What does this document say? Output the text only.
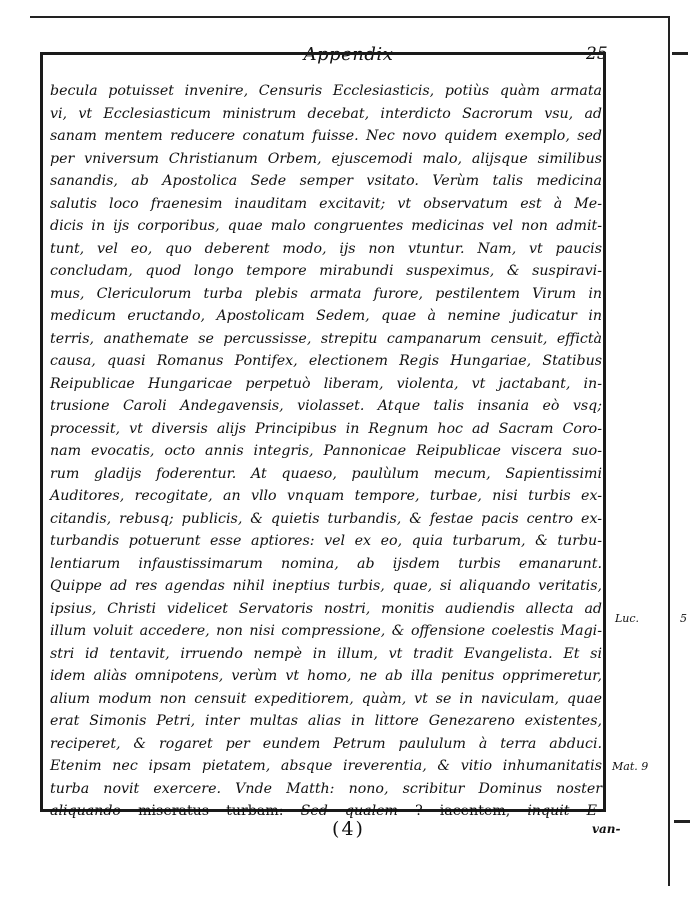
Appendix	25
becula potuisset invenire, Censuris Ecclesiasticis, potiùs quàm armata
vi, vt Ecclesiasticum ministrum decebat, interdicto Sacrorum vsu, ad
sanam mentem reducere conatum fuisse. Nec novo quidem exemplo, sed
per vniversum Christianum Orbem, ejuscemodi malo, alijsque similibus
sanandis, ab Apostolica Sede semper vsitato. Verùm talis medicina
salutis loco fraenesim inauditam excitavit; vt observatum est à Me-
dicis in ijs corporibus, quae malo congruentes medicinas vel non admit-
tunt, vel eo, quo deberent modo, ijs non vtuntur. Nam, vt paucis
concludam, quod longo tempore mirabundi suspeximus, & suspiravi-
mus, Clericulorum turba plebis armata furore, pestilentem Virum in
medicum eructando, Apostolicam Sedem, quae à nemine judicatur in
terris, anathemate se percussisse, strepitu campanarum censuit, effictà
causa, quasi Romanus Pontifex, electionem Regis Hungariae, Statibus
Reipublicae Hungaricae perpetuò liberam, violenta, vt jactabant, in-
trusione Caroli Andegavensis, violasset. Atque talis insania eò vsq;
processit, vt diversis alijs Principibus in Regnum hoc ad Sacram Coro-
nam evocatis, octo annis integris, Pannonicae Reipublicae viscera suo-
rum gladijs foderentur. At quaeso, paulùlum mecum, Sapientissimi
Auditores, recogitate, an vllo vnquam tempore, turbae, nisi turbis ex-
citandis, rebusq; publicis, & quietis turbandis, & festae pacis centro ex-
turbandis potuerunt esse aptiores: vel ex eo, quia turbarum, & turbu-
lentiarum infaustissimarum nomina, ab ijsdem turbis emanarunt.
Quippe ad res agendas nihil ineptius turbis, quae, si aliquando veritatis,
ipsius, Christi videlicet Servatoris nostri, monitis audiendis allecta ad
illum voluit accedere, non nisi compressione, & offensione coelestis Magi-
stri id tentavit, irruendo nempè in illum, vt tradit Evangelista. Et si
idem aliàs omnipotens, verùm vt homo, ne ab illa penitus opprimeretur,
alium modum non censuit expeditiorem, quàm, vt se in naviculam, quae
erat Simonis Petri, inter multas alias in littore Genezareno existentes,
reciperet, & rogaret per eundem Petrum paululum à terra abduci.
Etenim nec ipsam pietatem, absque ireverentia, & vitio inhumanitatis
turba novit exercere. Vnde Matth: nono, scribitur Dominus noster
aliquando miseratus turbam: Sed qualem ? iacentem, inquit E-
Luc.	5
Mat. 9
(4)	van-
